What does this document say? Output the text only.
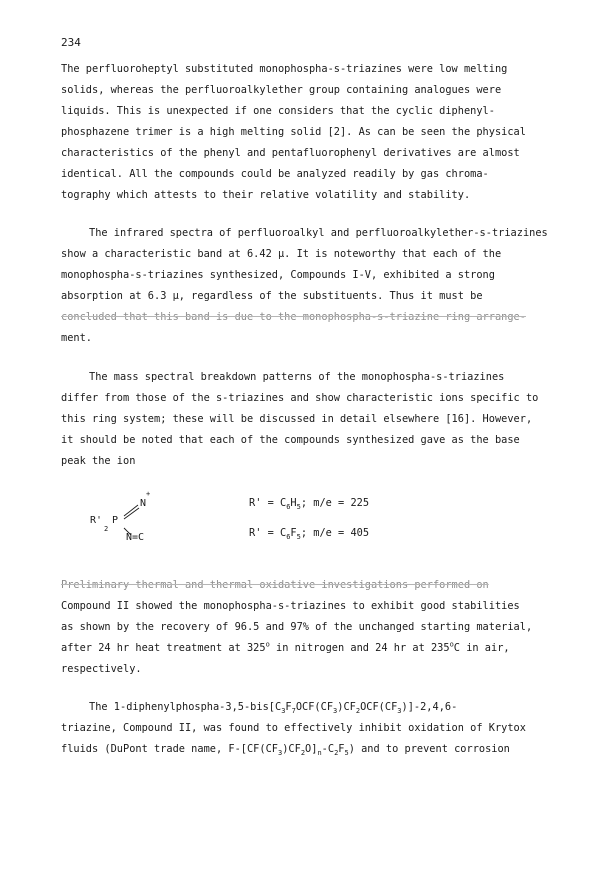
234
The perfluoroheptyl substituted monophospha-s-triazines were low melting
solids, whereas the perfluoroalkylether group containing analogues were
liquids. This is unexpected if one considers that the cyclic diphenyl-
phosphazene trimer is a high melting solid [2]. As can be seen the physical
characteristics of the phenyl and pentafluorophenyl derivatives are almost
identical. All the compounds could be analyzed readily by gas chroma-
tography which attests to their relative volatility and stability.
The infrared spectra of perfluoroalkyl and perfluoroalkylether-s-triazines
show a characteristic band at 6.42 μ. It is noteworthy that each of the
monophospha-s-triazines synthesized, Compounds I-V, exhibited a strong
absorption at 6.3 μ, regardless of the substituents. Thus it must be
concluded that this band is due to the monophospha-s-triazine ring arrange-
ment.
The mass spectral breakdown patterns of the monophospha-s-triazines
differ from those of the s-triazines and show characteristic ions specific to
this ring system; these will be discussed in detail elsewhere [16]. However,
it should be noted that each of the compounds synthesized gave as the base
peak the ion
N+
R'
2
P
N=C
$R' = C_6H_5$; m/e = 225
$R' = C_6F_5$; m/e = 405
Preliminary thermal and thermal oxidative investigations performed on
Compound II showed the monophospha-s-triazines to exhibit good stabilities
as shown by the recovery of 96.5 and 97% of the unchanged starting material,
after 24 hr heat treatment at 325$^o$ in nitrogen and 24 hr at 235$^o$C in air,
respectively.
The $1-diphenylphospha-3,5-bis[C_3F_7OCF(CF_3)CF_2OCF(CF_3)]-2,4,6-$
triazine, Compound II, was found to effectively inhibit oxidation of Krytox
fluids (DuPont trade name, $F-[CF(CF_3)CF_2O]_n-C_2F_5$) and to prevent corrosion
